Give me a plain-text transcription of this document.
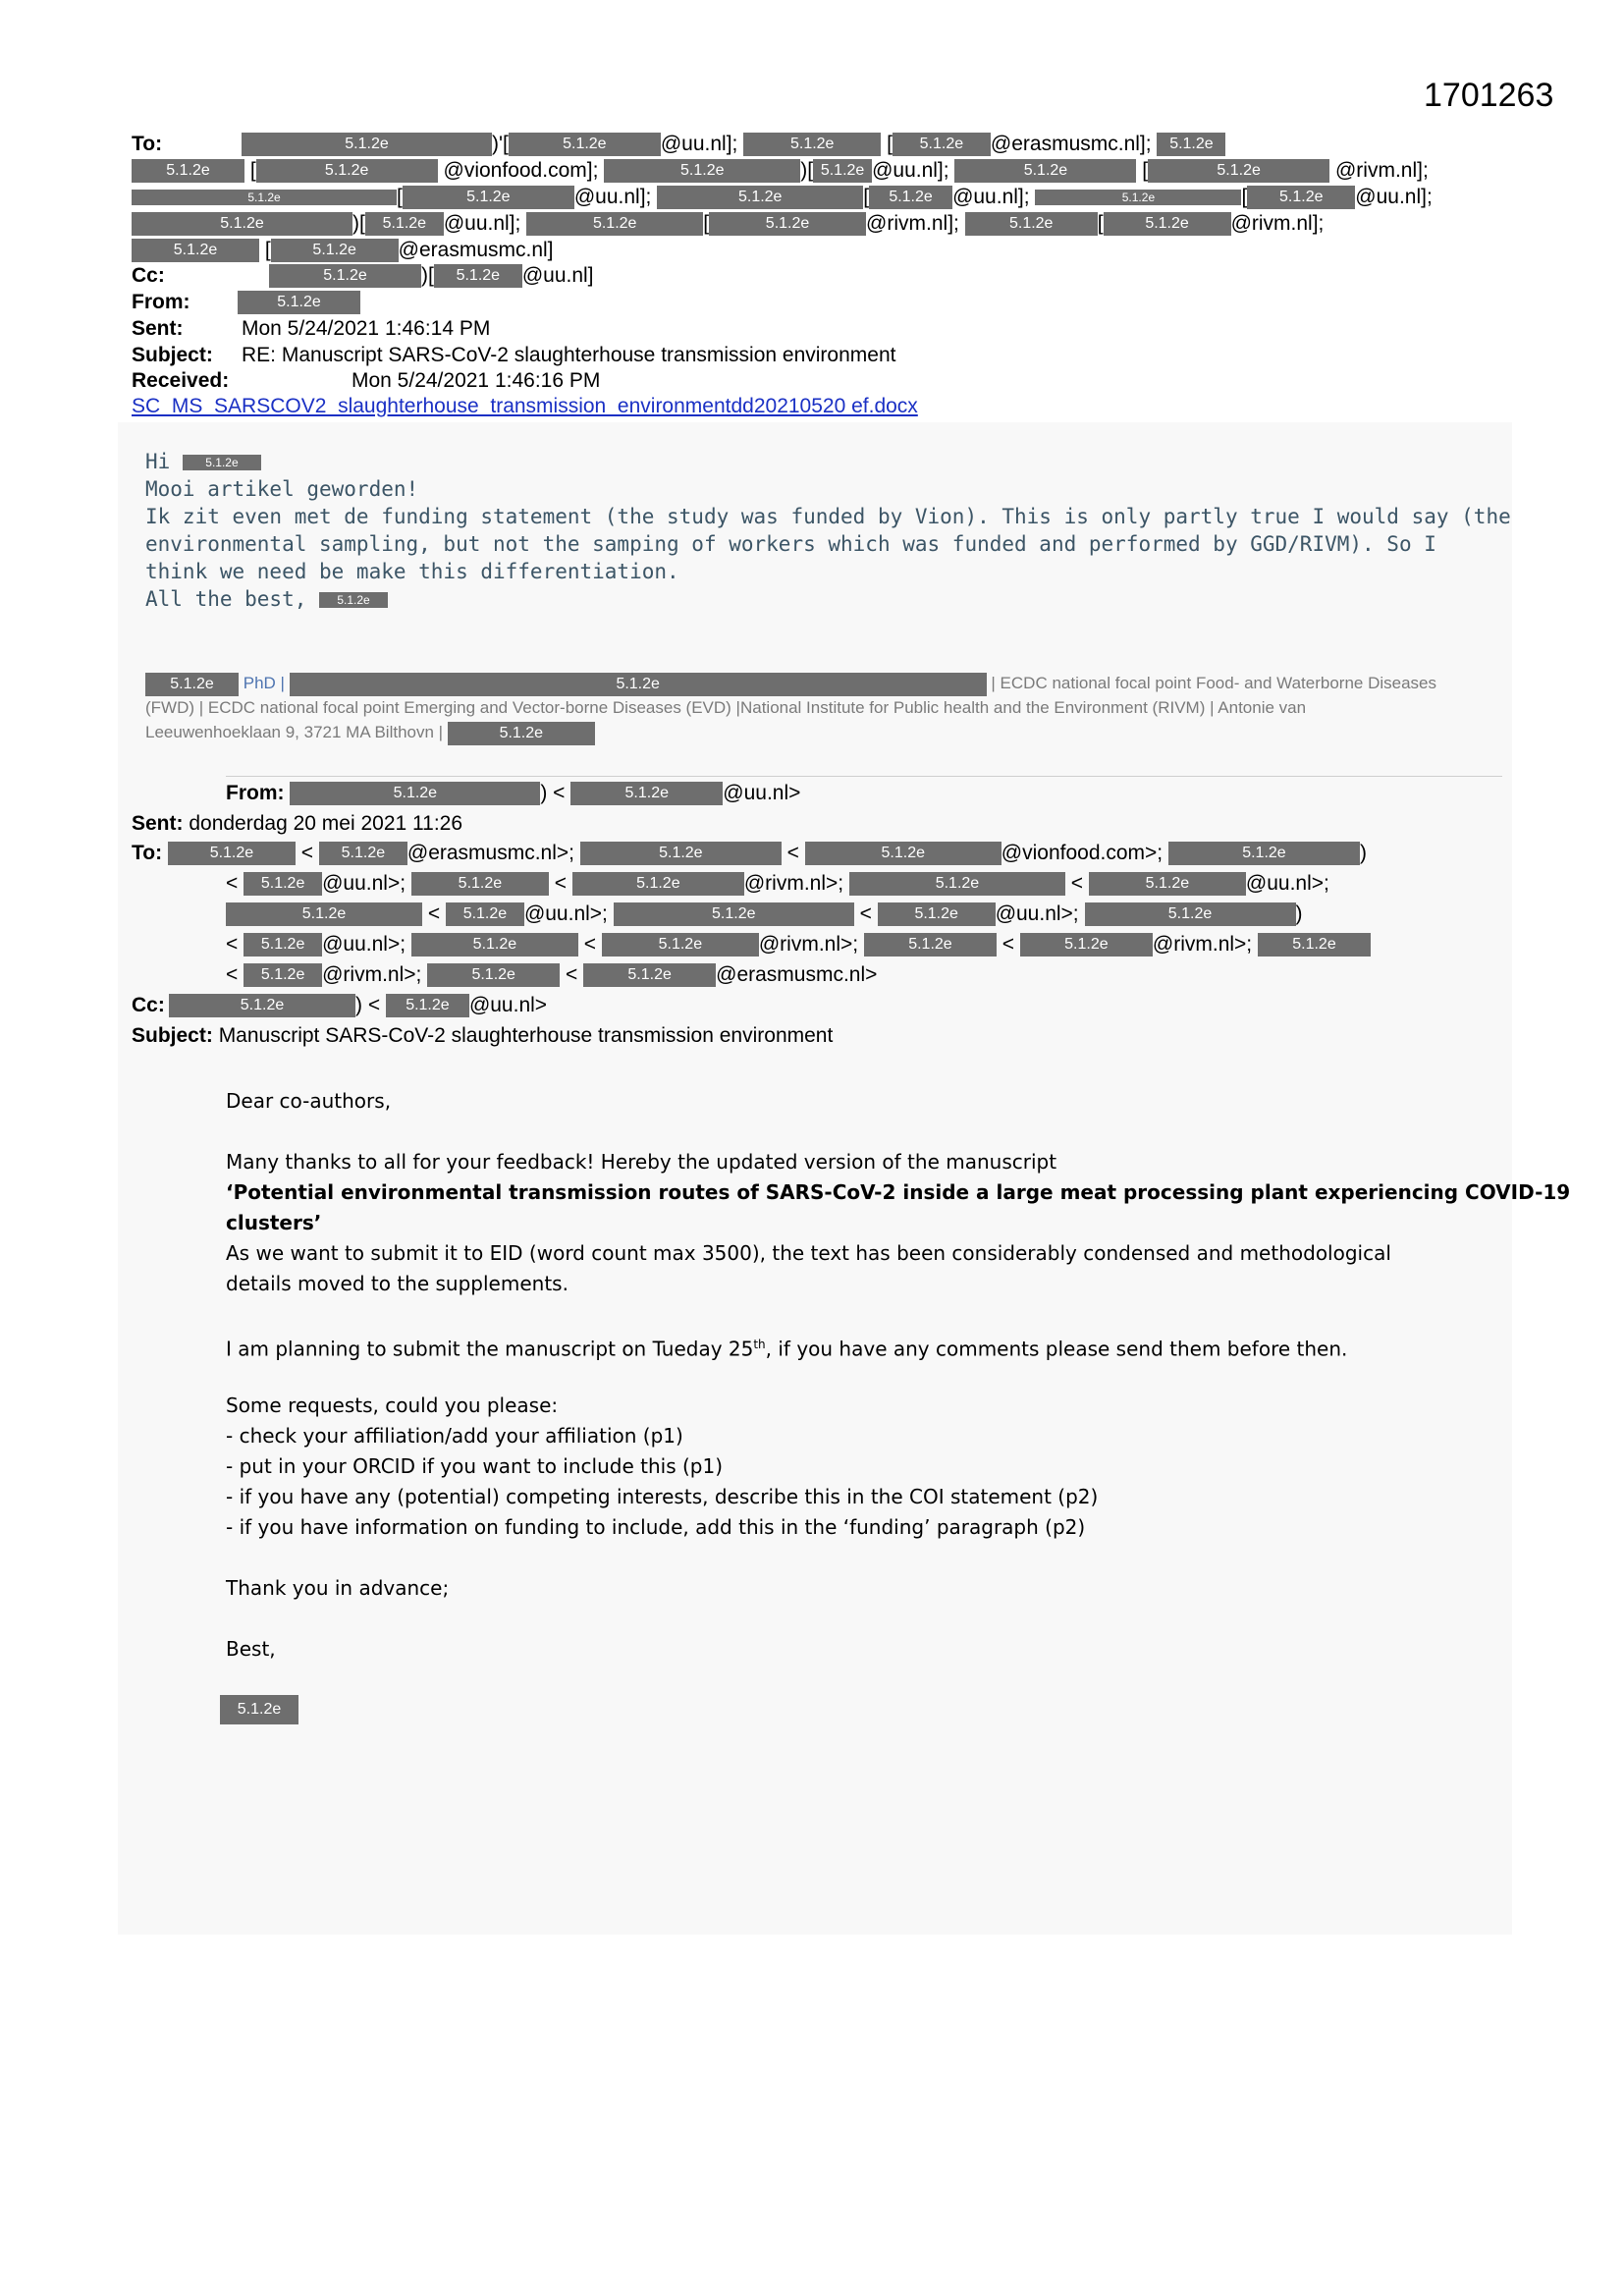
1701263
To:	5.1.2e	)'[	5.1.2e	@uu.nl];	5.1.2e	[ 5.1.2e @erasmusmc.nl]; 5.1.2e
5.1.2e [	5.1.2e	@vionfood.com];	5.1.2e	)[ 5.1.2e @uu.nl];	5.1.2e	[	5.1.2e	@rivm.nl];
5.1.2e	[	5.1.2e	@uu.nl];	5.1.2e	[ 5.1.2e @uu.nl];	5.1.2e	[ 5.1.2e @uu.nl];
5.1.2e	)[ 5.1.2e @uu.nl];	5.1.2e	[	5.1.2e	@rivm.nl];	5.1.2e [	5.1.2e @rivm.nl];
5.1.2e [	5.1.2e @erasmusmc.nl]
Cc:	5.1.2e	)[ 5.1.2e @uu.nl]
From:	5.1.2e
Sent:	Mon 5/24/2021 1:46:14 PM
Subject: RE: Manuscript SARS-CoV-2 slaughterhouse transmission environment
Received:	Mon 5/24/2021 1:46:16 PM
SC_MS_SARSCOV2_slaughterhouse_transmission_environmentdd20210520 ef.docx
Hi	5.1.2e
Mooi artikel geworden!
Ik zit even met de funding statement (the study was funded by Vion). This is only partly true I would say (the
environmental sampling, but not the samping of workers which was funded and performed by GGD/RIVM). So I
think we need be make this differentiation.
All the best,	5.1.2e
5.1.2e PhD |	5.1.2e	| ECDC national focal point Food- and Waterborne Diseases
(FWD) | ECDC national focal point Emerging and Vector-borne Diseases (EVD) |National Institute for Public health and the Environment (RIVM) | Antonie van
Leeuwenhoeklaan 9, 3721 MA Bilthovn |	5.1.2e
From:	5.1.2e	) <	5.1.2e	@uu.nl>
Sent: donderdag 20 mei 2021 11:26
To:	5.1.2e < 5.1.2e @erasmusmc.nl>;	5.1.2e	<	5.1.2e	@vionfood.com>;	5.1.2e	)
< 5.1.2e @uu.nl>;	5.1.2e <	5.1.2e	@rivm.nl>;	5.1.2e	<	5.1.2e	@uu.nl>;
5.1.2e	< 5.1.2e @uu.nl>;	5.1.2e	< 5.1.2e @uu.nl>;	5.1.2e	)
< 5.1.2e @uu.nl>;	5.1.2e	<	5.1.2e	@rivm.nl>;	5.1.2e <	5.1.2e @rivm.nl>;	5.1.2e
< 5.1.2e @rivm.nl>;	5.1.2e <	5.1.2e @erasmusmc.nl>
Cc:	5.1.2e	) < 5.1.2e @uu.nl>
Subject: Manuscript SARS-CoV-2 slaughterhouse transmission environment
Dear co-authors,
Many thanks to all for your feedback! Hereby the updated version of the manuscript
‘Potential environmental transmission routes of SARS-CoV-2 inside a large meat processing plant experiencing COVID-19
clusters’
As we want to submit it to EID (word count max 3500), the text has been considerably condensed and methodological
details moved to the supplements.
I am planning to submit the manuscript on Tueday 25th, if you have any comments please send them before then.
Some requests, could you please:
- check your affiliation/add your affiliation (p1)
- put in your ORCID if you want to include this (p1)
- if you have any (potential) competing interests, describe this in the COI statement (p2)
- if you have information on funding to include, add this in the ‘funding’ paragraph (p2)
Thank you in advance;
Best,
5.1.2e
